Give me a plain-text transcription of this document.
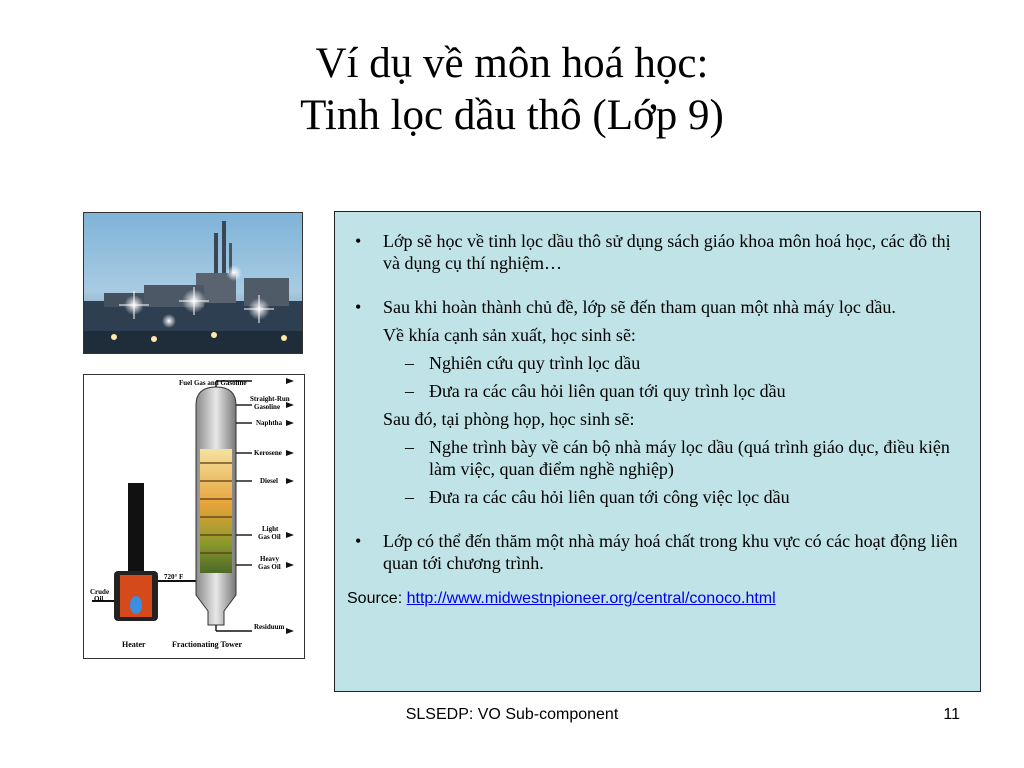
Ví dụ về môn hoá học:
Tinh lọc dầu thô (Lớp 9)
Fuel Gas and Gasoline
Straight-Run
Gasoline
Naphtha
Kerosene
Diesel
Light
Gas Oil
Heavy
Gas Oil
720° F
Crude
Oil
Residuum
Heater	Fractionating Tower
• Lớp sẽ học về tinh lọc dầu thô sử dụng sách giáo khoa môn hoá học, các đồ thị và dụng cụ thí nghiệm…
• Sau khi hoàn thành chủ đề, lớp sẽ đến tham quan một nhà máy lọc dầu.
Về khía cạnh sản xuất, học sinh sẽ:
– Nghiên cứu quy trình lọc dầu
– Đưa ra các câu hỏi liên quan tới quy trình lọc dầu
Sau đó, tại phòng họp, học sinh sẽ:
– Nghe trình bày về cán bộ nhà máy lọc dầu (quá trình giáo dục, điều kiện làm việc, quan điểm nghề nghiệp)
– Đưa ra các câu hỏi liên quan tới công việc lọc dầu
• Lớp có thể đến thăm một nhà máy hoá chất trong khu vực có các hoạt động liên quan tới chương trình.
Source: http://www.midwestnpioneer.org/central/conoco.html
SLSEDP: VO Sub-component	11
